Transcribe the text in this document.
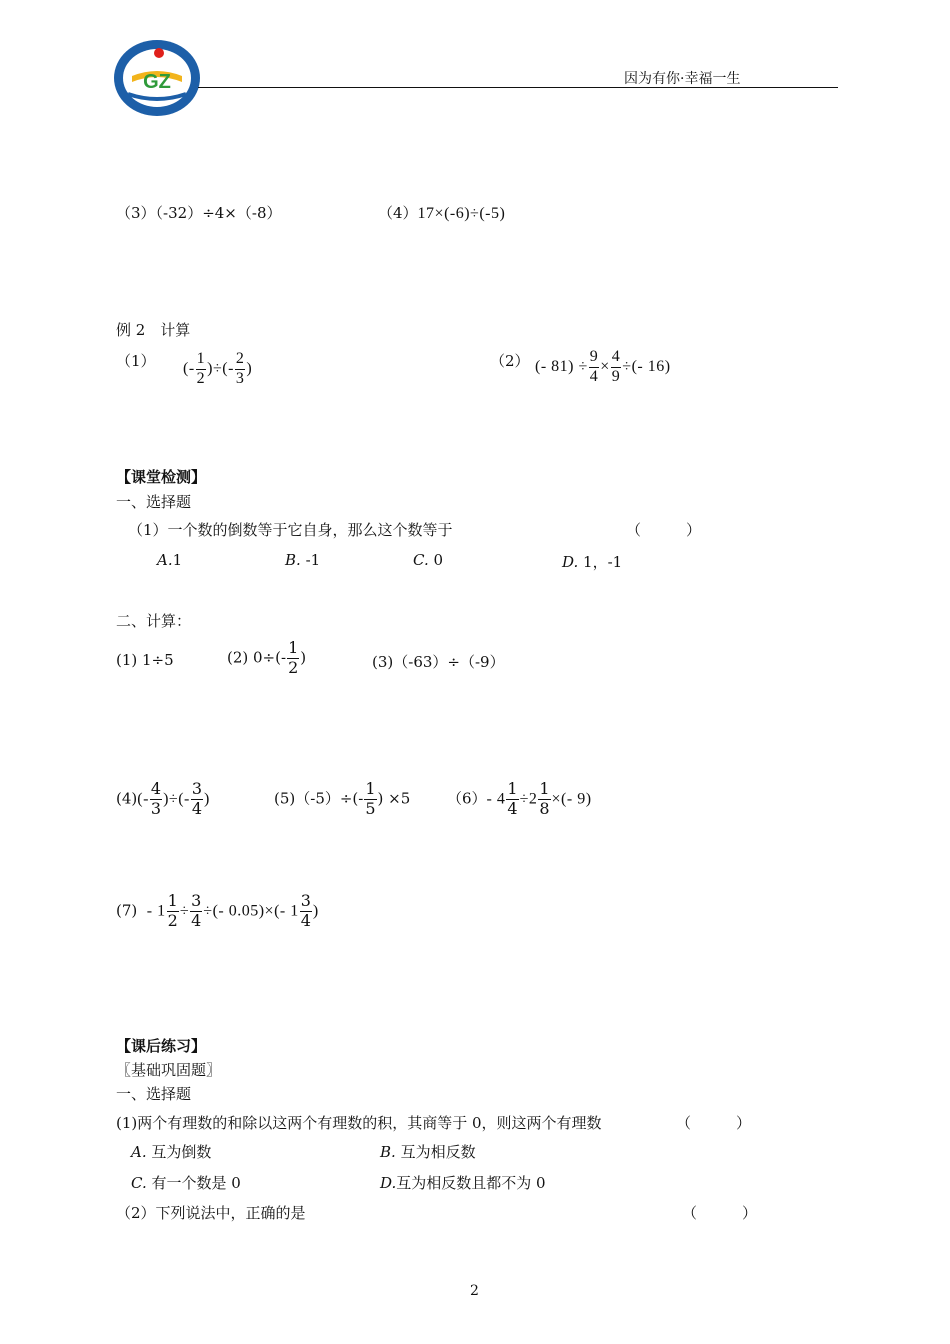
GZ	因为有你·幸福一生
（3）（-32）÷4×（-8）	（4）17×(-6)÷(-5)
例 2　计算
（1） (- $\frac{1}{2}$ )÷(- $\frac{2}{3}$ )	（2） (- $81) \div \frac{9}{4} \times \frac{4}{9}$ ÷(- 16)
【课堂检测】
一、选择题
（1）一个数的倒数等于它自身，那么这个数等于	（　　　）
A.1	B. -1	C. 0	D. 1，-1
二、计算：
(1) 1÷5	(2) $0\div(- \frac{1}{2}$ )	(3)（-63）÷（-9）
$(4)(- \frac{4}{3}$ )÷(- $\frac{3}{4}$ )	$(5)(-5)\div(- \frac{1}{5}$ ) ×5 （6）- $4 \frac{1}{4} \div 2 \frac{1}{8}$ ×(- 9)
$(7) - 1 \frac{1}{2} \div \frac{3}{4}$ ÷(- 0.05)×(- $1 \frac{3}{4}$ )
【课后练习】
〖基础巩固题〗
一、选择题
(1)两个有理数的和除以这两个有理数的积，其商等于 0，则这两个有理数	（　　　）
A. 互为倒数	B. 互为相反数
C. 有一个数是 0	D.互为相反数且都不为 0
（2）下列说法中，正确的是	（　　　）
2
